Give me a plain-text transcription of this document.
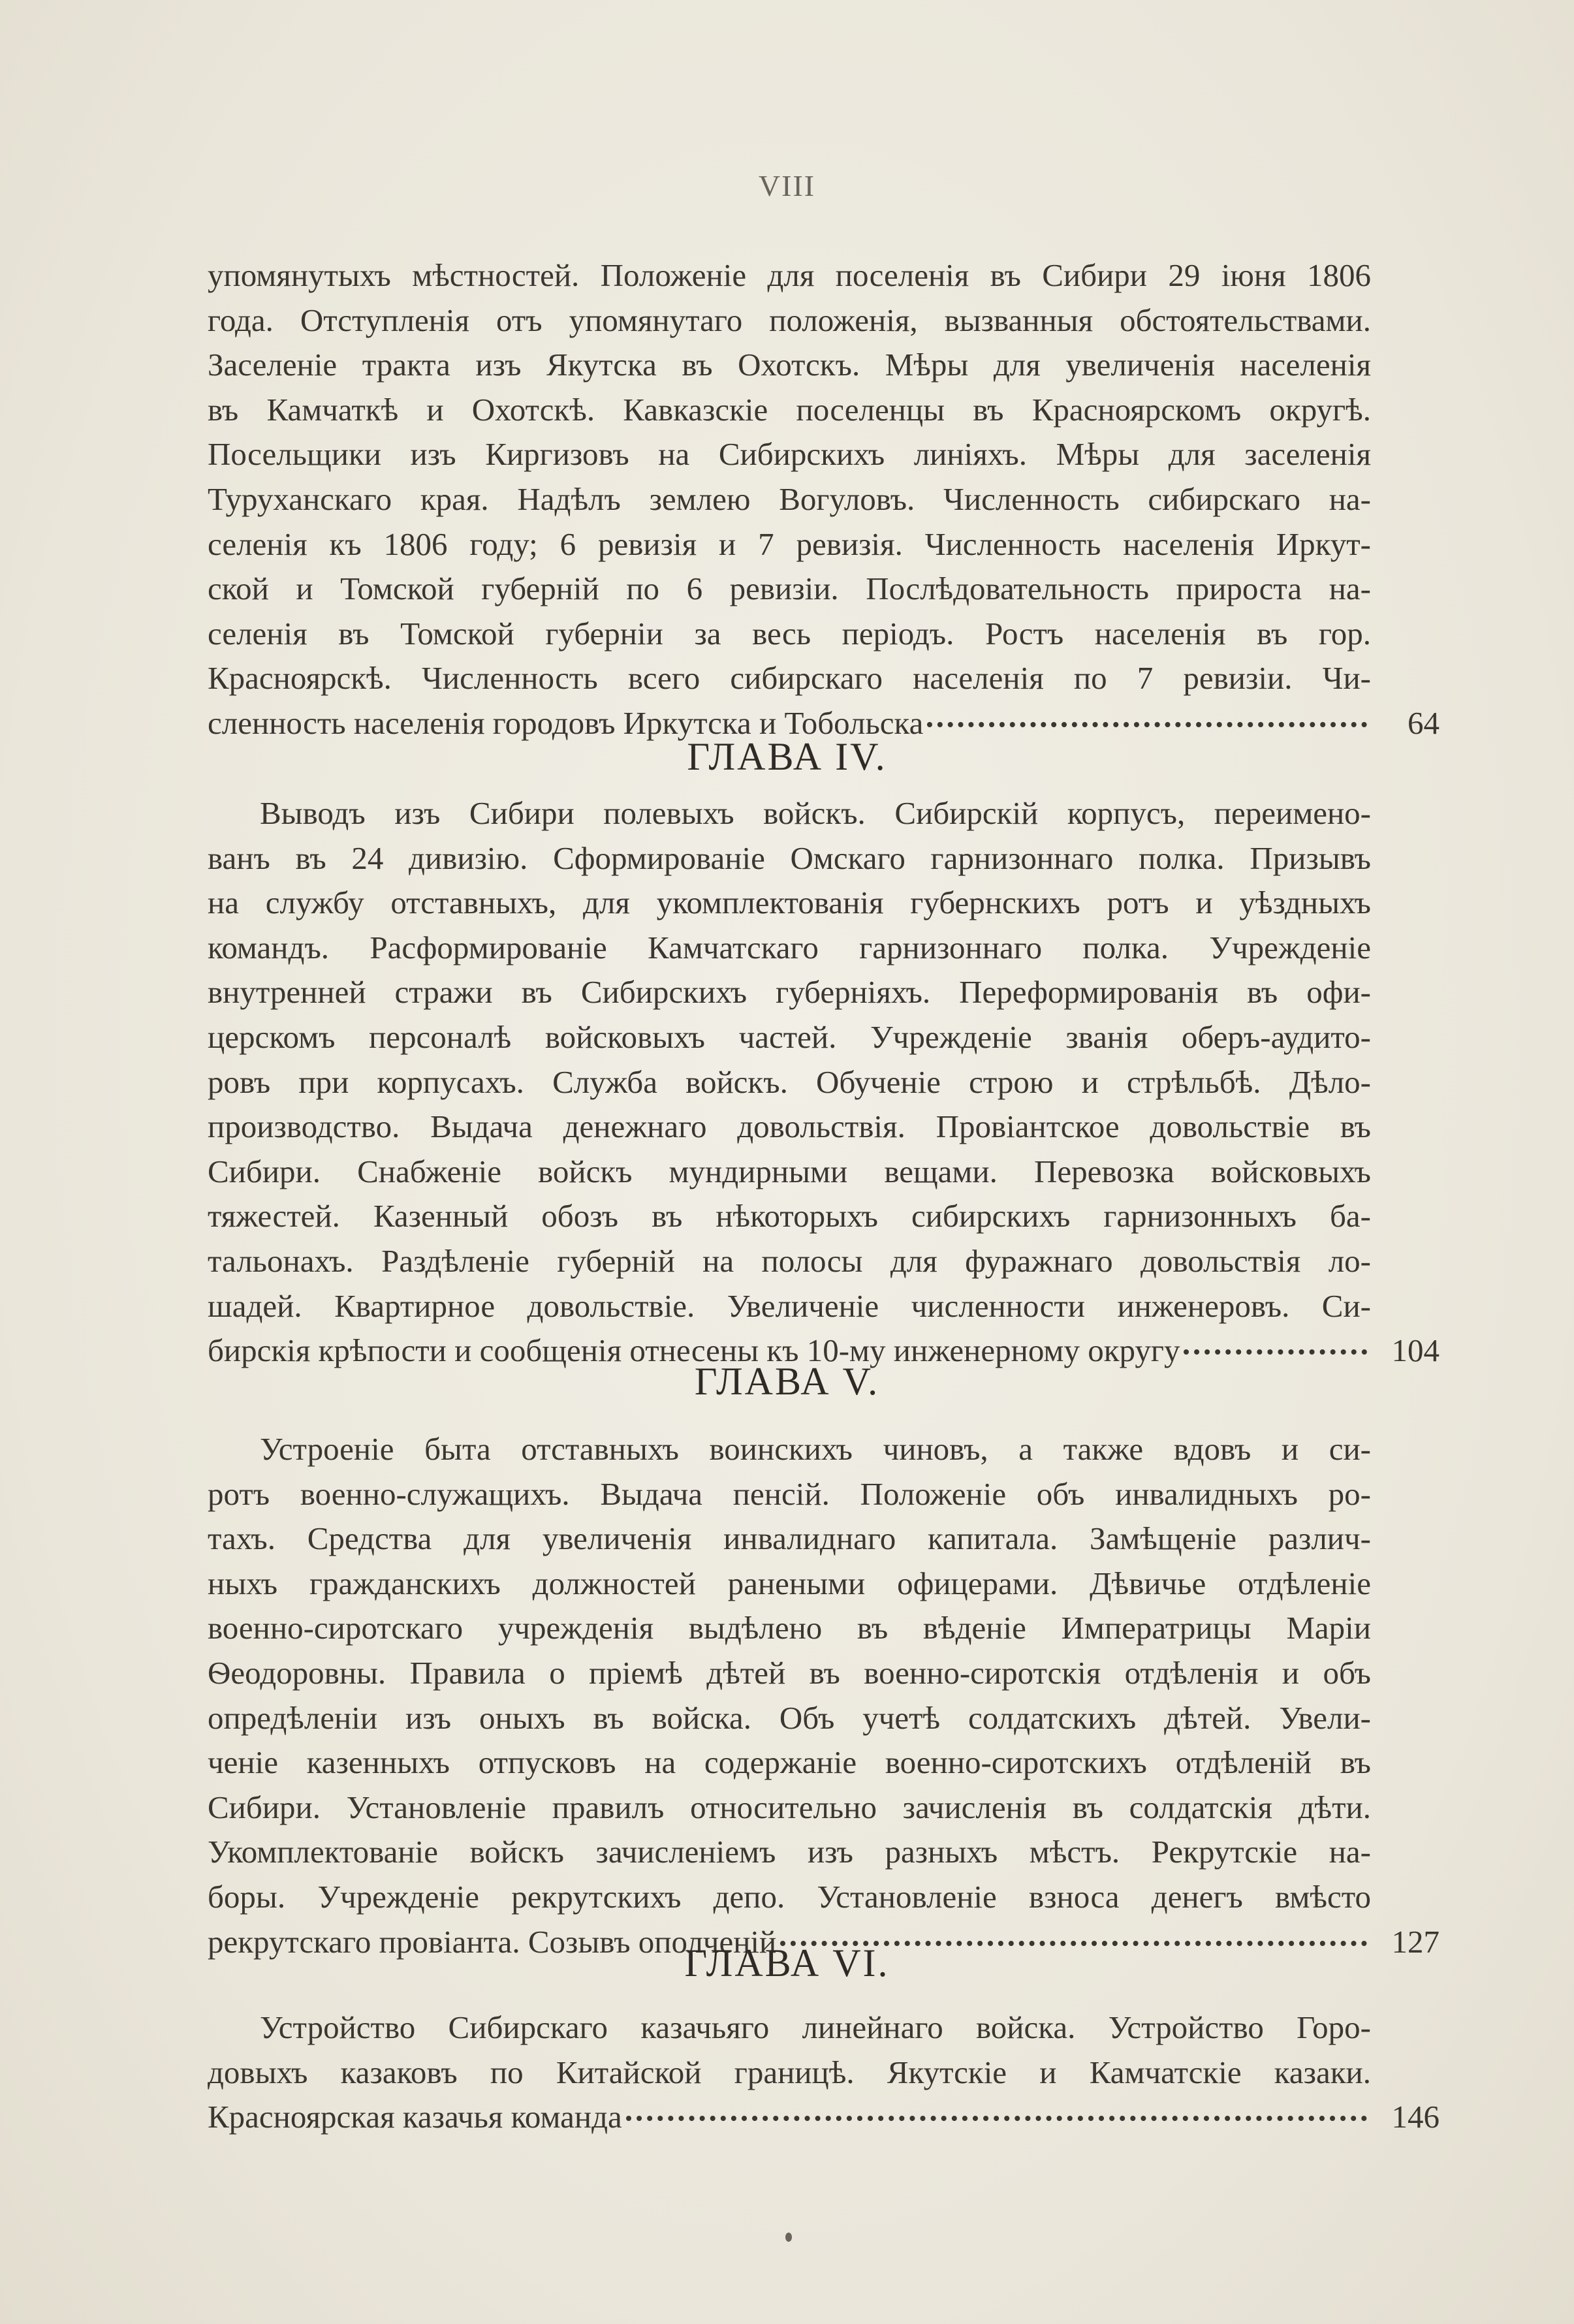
VIII
упомянутыхъ мѣстностей. Положеніе для поселенія въ Сибири 29 іюня 1806
года. Отступленія отъ упомянутаго положенія, вызванныя обстоятельствами.
Заселеніе тракта изъ Якутска въ Охотскъ. Мѣры для увеличенія населенія
въ Камчаткѣ и Охотскѣ. Кавказскіе поселенцы въ Красноярскомъ округѣ.
Посельщики изъ Киргизовъ на Сибирскихъ линіяхъ. Мѣры для заселенія
Туруханскаго края. Надѣлъ землею Вогуловъ. Численность сибирскаго на-
селенія къ 1806 году; 6 ревизія и 7 ревизія. Численность населенія Иркут-
ской и Томской губерній по 6 ревизіи. Послѣдовательность прироста на-
селенія въ Томской губерніи за весь періодъ. Ростъ населенія въ гор.
Красноярскѣ. Численность всего сибирскаго населенія по 7 ревизіи. Чи-
64
сленность населенія городовъ Иркутска и Тобольска
ГЛАВА IV.
Выводъ изъ Сибири полевыхъ войскъ. Сибирскій корпусъ, переимено-
ванъ въ 24 дивизію. Сформированіе Омскаго гарнизоннаго полка. Призывъ
на службу отставныхъ, для укомплектованія губернскихъ ротъ и уѣздныхъ
командъ. Расформированіе Камчатскаго гарнизоннаго полка. Учрежденіе
внутренней стражи въ Сибирскихъ губерніяхъ. Переформированія въ офи-
церскомъ персоналѣ войсковыхъ частей. Учрежденіе званія оберъ-аудито-
ровъ при корпусахъ. Служба войскъ. Обученіе строю и стрѣльбѣ. Дѣло-
производство. Выдача денежнаго довольствія. Провіантское довольствіе въ
Сибири. Снабженіе войскъ мундирными вещами. Перевозка войсковыхъ
тяжестей. Казенный обозъ въ нѣкоторыхъ сибирскихъ гарнизонныхъ ба-
тальонахъ. Раздѣленіе губерній на полосы для фуражнаго довольствія ло-
шадей. Квартирное довольствіе. Увеличеніе численности инженеровъ. Си-
104
бирскія крѣпости и сообщенія отнесены къ 10-му инженерному округу
ГЛАВА V.
Устроеніе быта отставныхъ воинскихъ чиновъ, а также вдовъ и си-
ротъ военно-служащихъ. Выдача пенсій. Положеніе объ инвалидныхъ ро-
тахъ. Средства для увеличенія инвалиднаго капитала. Замѣщеніе различ-
ныхъ гражданскихъ должностей ранеными офицерами. Дѣвичье отдѣленіе
военно-сиротскаго учрежденія выдѣлено въ вѣденіе Императрицы Маріи
Ѳеодоровны. Правила о пріемѣ дѣтей въ военно-сиротскія отдѣленія и объ
опредѣленіи изъ оныхъ въ войска. Объ учетѣ солдатскихъ дѣтей. Увели-
ченіе казенныхъ отпусковъ на содержаніе военно-сиротскихъ отдѣленій въ
Сибири. Установленіе правилъ относительно зачисленія въ солдатскія дѣти.
Укомплектованіе войскъ зачисленіемъ изъ разныхъ мѣстъ. Рекрутскіе на-
боры. Учрежденіе рекрутскихъ депо. Установленіе взноса денегъ вмѣсто
127
рекрутскаго провіанта. Созывъ ополченій
ГЛАВА VI.
Устройство Сибирскаго казачьяго линейнаго войска. Устройство Горо-
довыхъ казаковъ по Китайской границѣ. Якутскіе и Камчатскіе казаки.
146
Красноярская казачья команда
